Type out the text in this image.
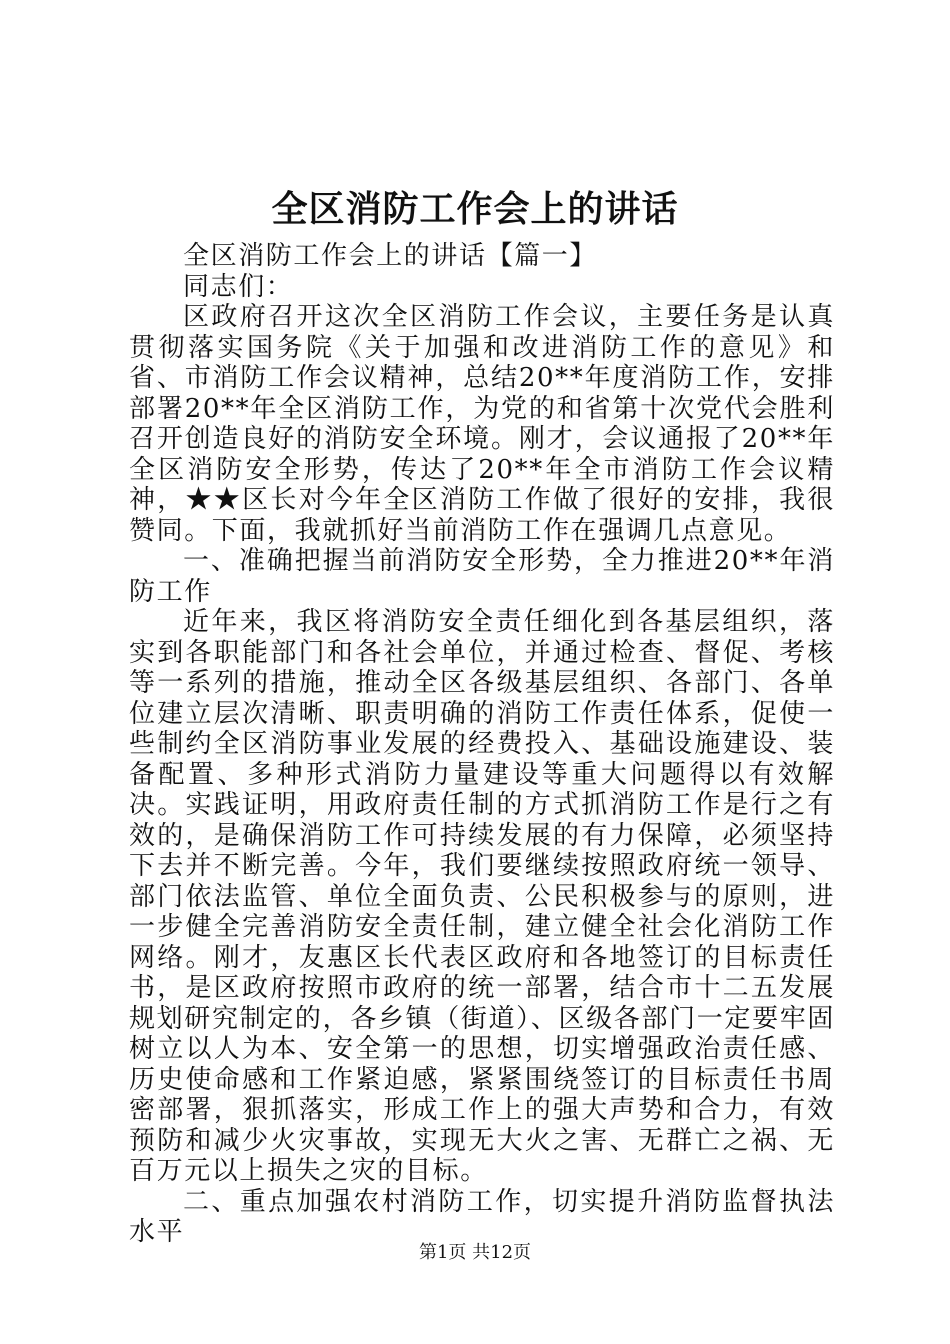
全区消防工作会上的讲话

全区消防工作会上的讲话【篇一】

同志们：

区政府召开这次全区消防工作会议，主要任务是认真贯彻落实国务院《关于加强和改进消防工作的意见》和省、市消防工作会议精神，总结20**年度消防工作，安排部署20**年全区消防工作，为党的和省第十次党代会胜利召开创造良好的消防安全环境。刚才，会议通报了20**年全区消防安全形势，传达了20**年全市消防工作会议精神，★★区长对今年全区消防工作做了很好的安排，我很赞同。下面，我就抓好当前消防工作在强调几点意见。

一、准确把握当前消防安全形势，全力推进20**年消防工作

近年来，我区将消防安全责任细化到各基层组织，落实到各职能部门和各社会单位，并通过检查、督促、考核等一系列的措施，推动全区各级基层组织、各部门、各单位建立层次清晰、职责明确的消防工作责任体系，促使一些制约全区消防事业发展的经费投入、基础设施建设、装备配置、多种形式消防力量建设等重大问题得以有效解决。实践证明，用政府责任制的方式抓消防工作是行之有效的，是确保消防工作可持续发展的有力保障，必须坚持下去并不断完善。今年，我们要继续按照政府统一领导、部门依法监管、单位全面负责、公民积极参与的原则，进一步健全完善消防安全责任制，建立健全社会化消防工作网络。刚才，友惠区长代表区政府和各地签订的目标责任书，是区政府按照市政府的统一部署，结合市十二五发展规划研究制定的，各乡镇（街道）、区级各部门一定要牢固树立以人为本、安全第一的思想，切实增强政治责任感、历史使命感和工作紧迫感，紧紧围绕签订的目标责任书周密部署，狠抓落实，形成工作上的强大声势和合力，有效预防和减少火灾事故，实现无大火之害、无群亡之祸、无百万元以上损失之灾的目标。

二、重点加强农村消防工作，切实提升消防监督执法水平

第1页 共12页
